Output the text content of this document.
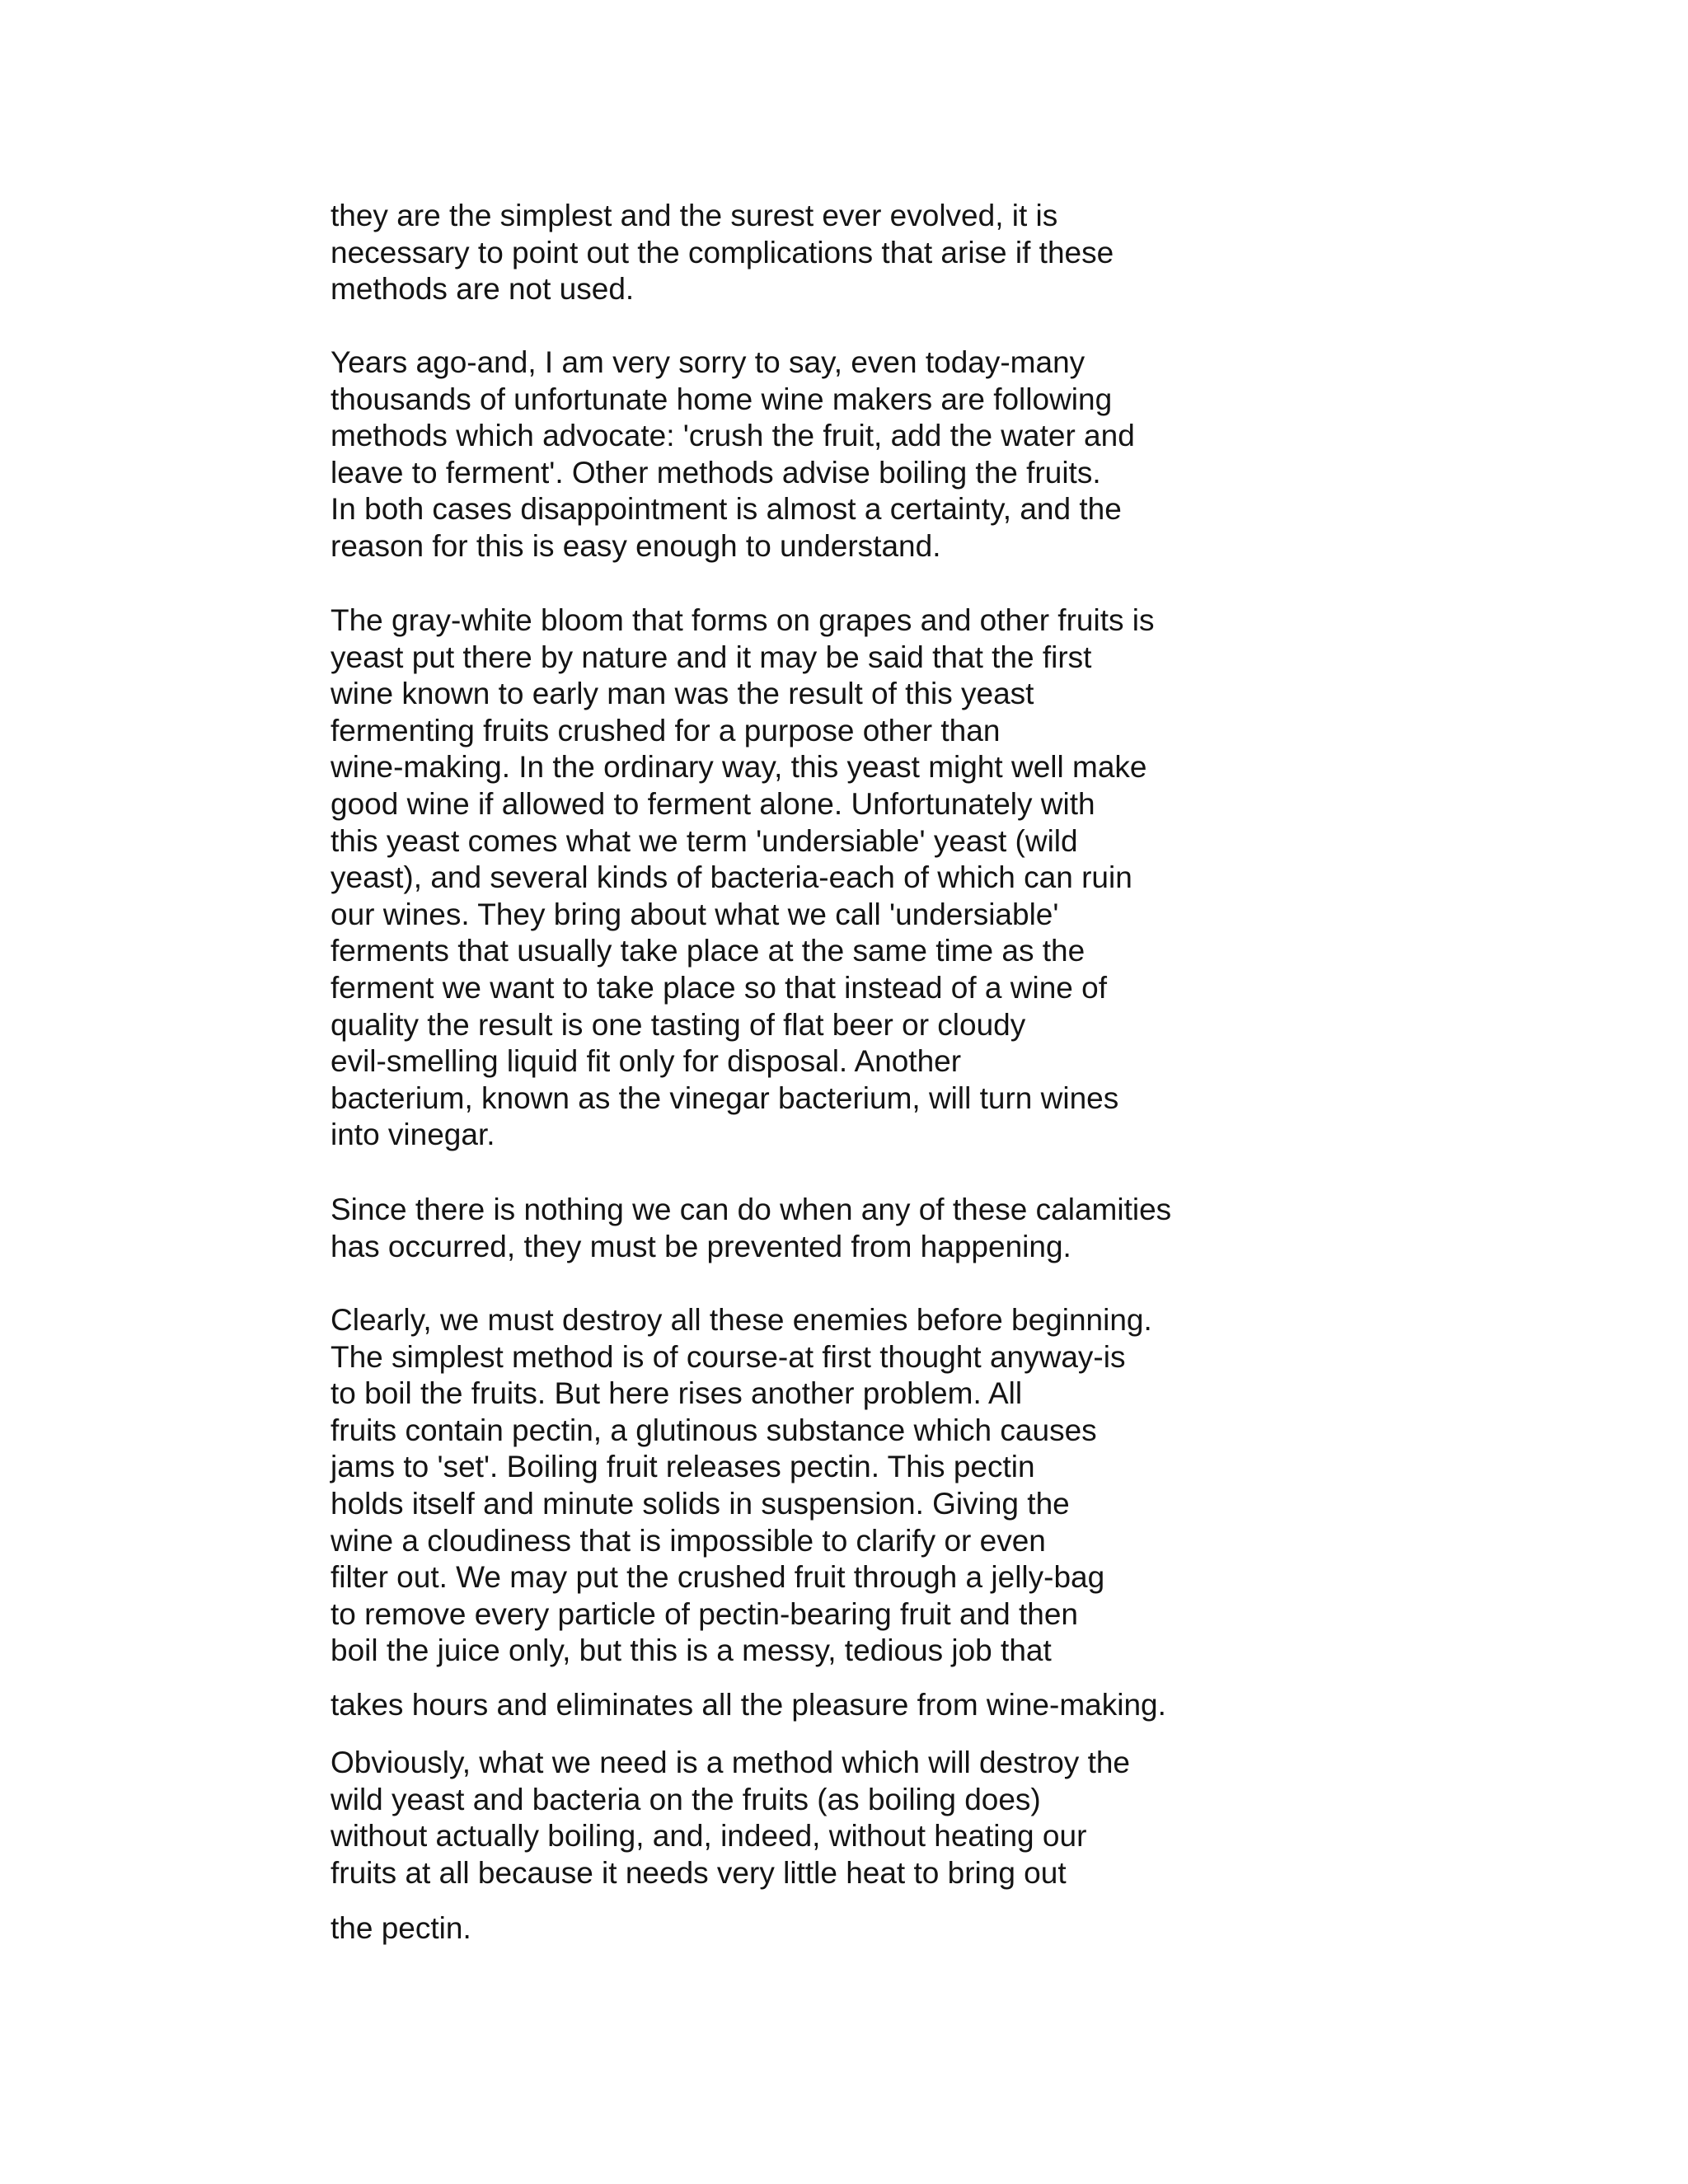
they are the simplest and the surest ever evolved, it is
necessary to point out the complications that arise if these
methods are not used.

Years ago-and, I am very sorry to say, even today-many
thousands of unfortunate home wine makers are following
methods which advocate: 'crush the fruit, add the water and
leave to ferment'. Other methods advise boiling the fruits.
In both cases disappointment is almost a certainty, and the
reason for this is easy enough to understand.

The gray-white bloom that forms on grapes and other fruits is
yeast put there by nature and it may be said that the first
wine known to early man was the result of this yeast
fermenting fruits crushed for a purpose other than
wine-making. In the ordinary way, this yeast might well make
good wine if allowed to ferment alone. Unfortunately with
this yeast comes what we term 'undersiable' yeast (wild
yeast), and several kinds of bacteria-each of which can ruin
our wines. They bring about what we call 'undersiable'
ferments that usually take place at the same time as the
ferment we want to take place so that instead of a wine of
quality the result is one tasting of flat beer or cloudy
evil-smelling liquid fit only for disposal. Another
bacterium, known as the vinegar bacterium, will turn wines
into vinegar.

Since there is nothing we can do when any of these calamities
has occurred, they must be prevented from happening.

Clearly, we must destroy all these enemies before beginning.
The simplest method is of course-at first thought anyway-is
to boil the fruits. But here rises another problem. All
fruits contain pectin, a glutinous substance which causes
jams to 'set'. Boiling fruit releases pectin. This pectin
holds itself and minute solids in suspension. Giving the
wine a cloudiness that is impossible to clarify or even
filter out. We may put the crushed fruit through a jelly-bag
to remove every particle of pectin-bearing fruit and then
boil the juice only, but this is a messy, tedious job that

takes hours and eliminates all the pleasure from wine-making.

Obviously, what we need is a method which will destroy the
wild yeast and bacteria on the fruits (as boiling does)
without actually boiling, and, indeed, without heating our
fruits at all because it needs very little heat to bring out

the pectin.
